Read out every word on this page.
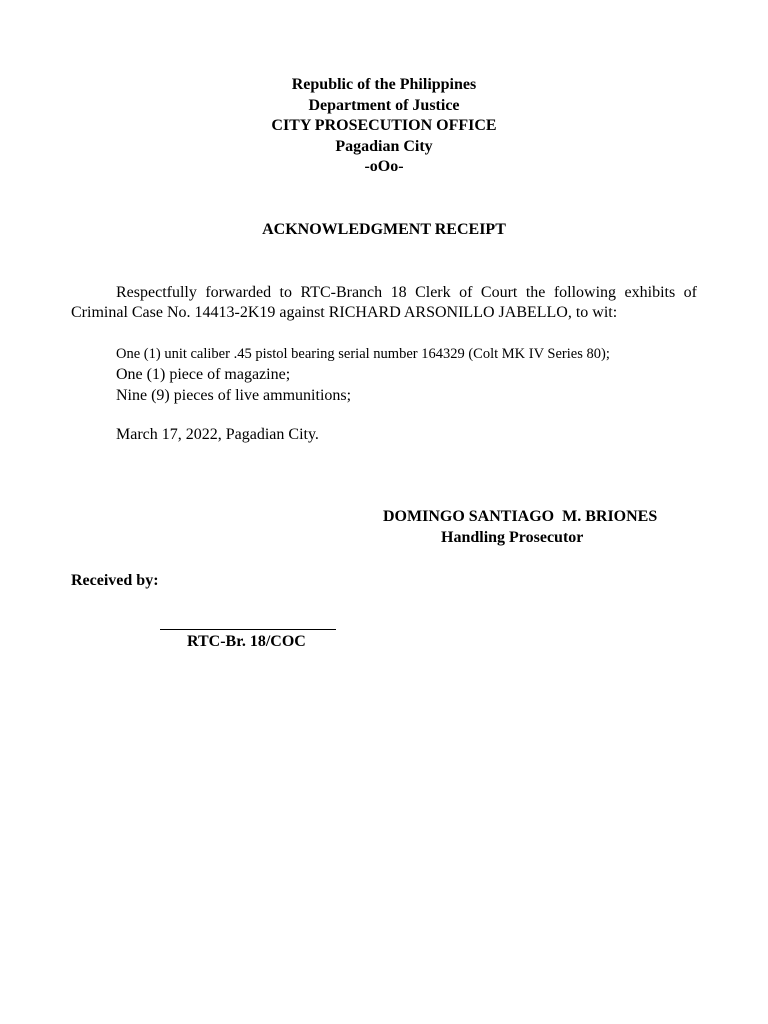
Republic of the Philippines
Department of Justice
CITY PROSECUTION OFFICE
Pagadian City
-oOo-
ACKNOWLEDGMENT RECEIPT
Respectfully forwarded to RTC-Branch 18 Clerk of Court the following exhibits of Criminal Case No. 14413-2K19 against RICHARD ARSONILLO JABELLO, to wit:
One (1) unit caliber .45 pistol bearing serial number 164329 (Colt MK IV Series 80);
One (1) piece of magazine;
Nine (9) pieces of live ammunitions;
March 17, 2022, Pagadian City.
DOMINGO SANTIAGO  M. BRIONES
Handling Prosecutor
Received by:
RTC-Br. 18/COC
